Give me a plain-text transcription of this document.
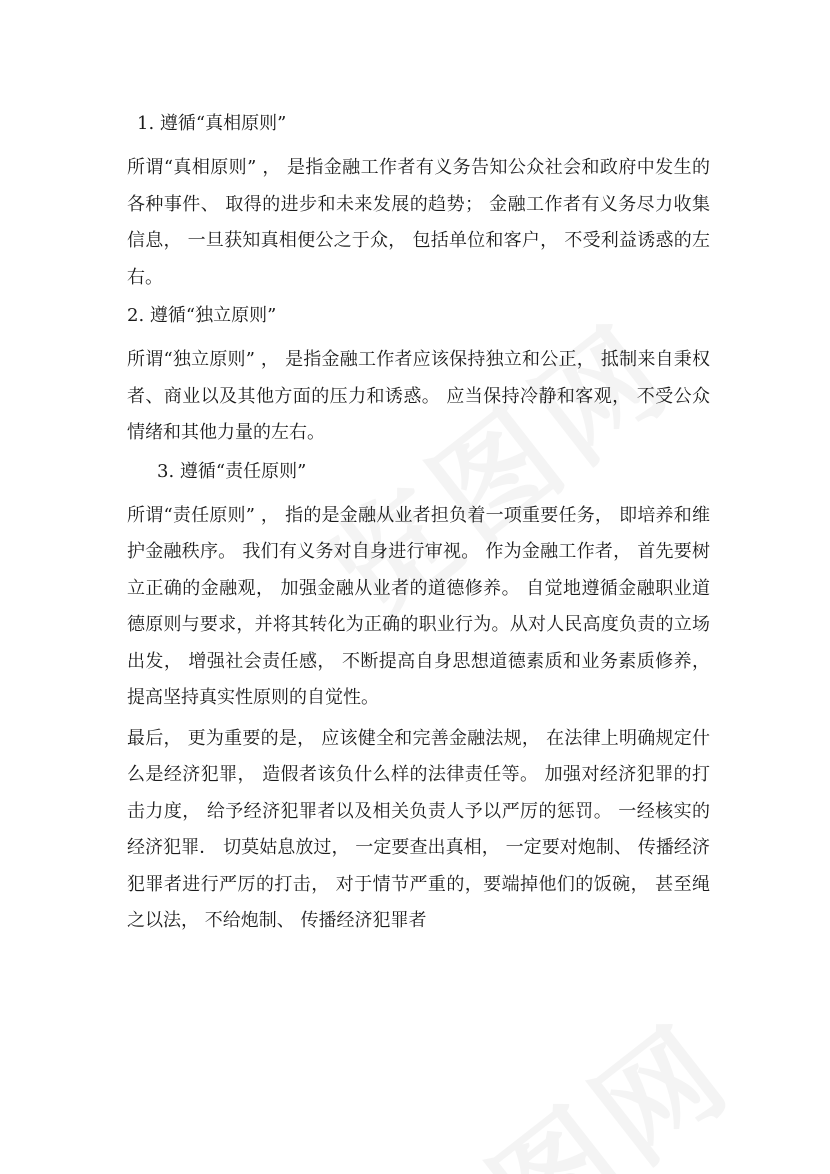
1. 遵循“真相原则”

所谓“真相原则” ， 是指金融工作者有义务告知公众社会和政府中发生的各种事件、 取得的进步和未来发展的趋势； 金融工作者有义务尽力收集信息， 一旦获知真相便公之于众， 包括单位和客户， 不受利益诱惑的左右。

2. 遵循“独立原则”

所谓“独立原则” ， 是指金融工作者应该保持独立和公正， 抵制来自秉权者、商业以及其他方面的压力和诱惑。 应当保持冷静和客观， 不受公众情绪和其他力量的左右。

3. 遵循“责任原则”

所谓“责任原则” ， 指的是金融从业者担负着一项重要任务， 即培养和维护金融秩序。 我们有义务对自身进行审视。 作为金融工作者， 首先要树立正确的金融观， 加强金融从业者的道德修养。 自觉地遵循金融职业道德原则与要求，并将其转化为正确的职业行为。从对人民高度负责的立场出发， 增强社会责任感， 不断提高自身思想道德素质和业务素质修养， 提高坚持真实性原则的自觉性。

最后， 更为重要的是， 应该健全和完善金融法规， 在法律上明确规定什么是经济犯罪， 造假者该负什么样的法律责任等。 加强对经济犯罪的打击力度， 给予经济犯罪者以及相关负责人予以严厉的惩罚。 一经核实的经济犯罪． 切莫姑息放过， 一定要查出真相， 一定要对炮制、 传播经济犯罪者进行严厉的打击， 对于情节严重的，要端掉他们的饭碗， 甚至绳之以法， 不给炮制、 传播经济犯罪者
